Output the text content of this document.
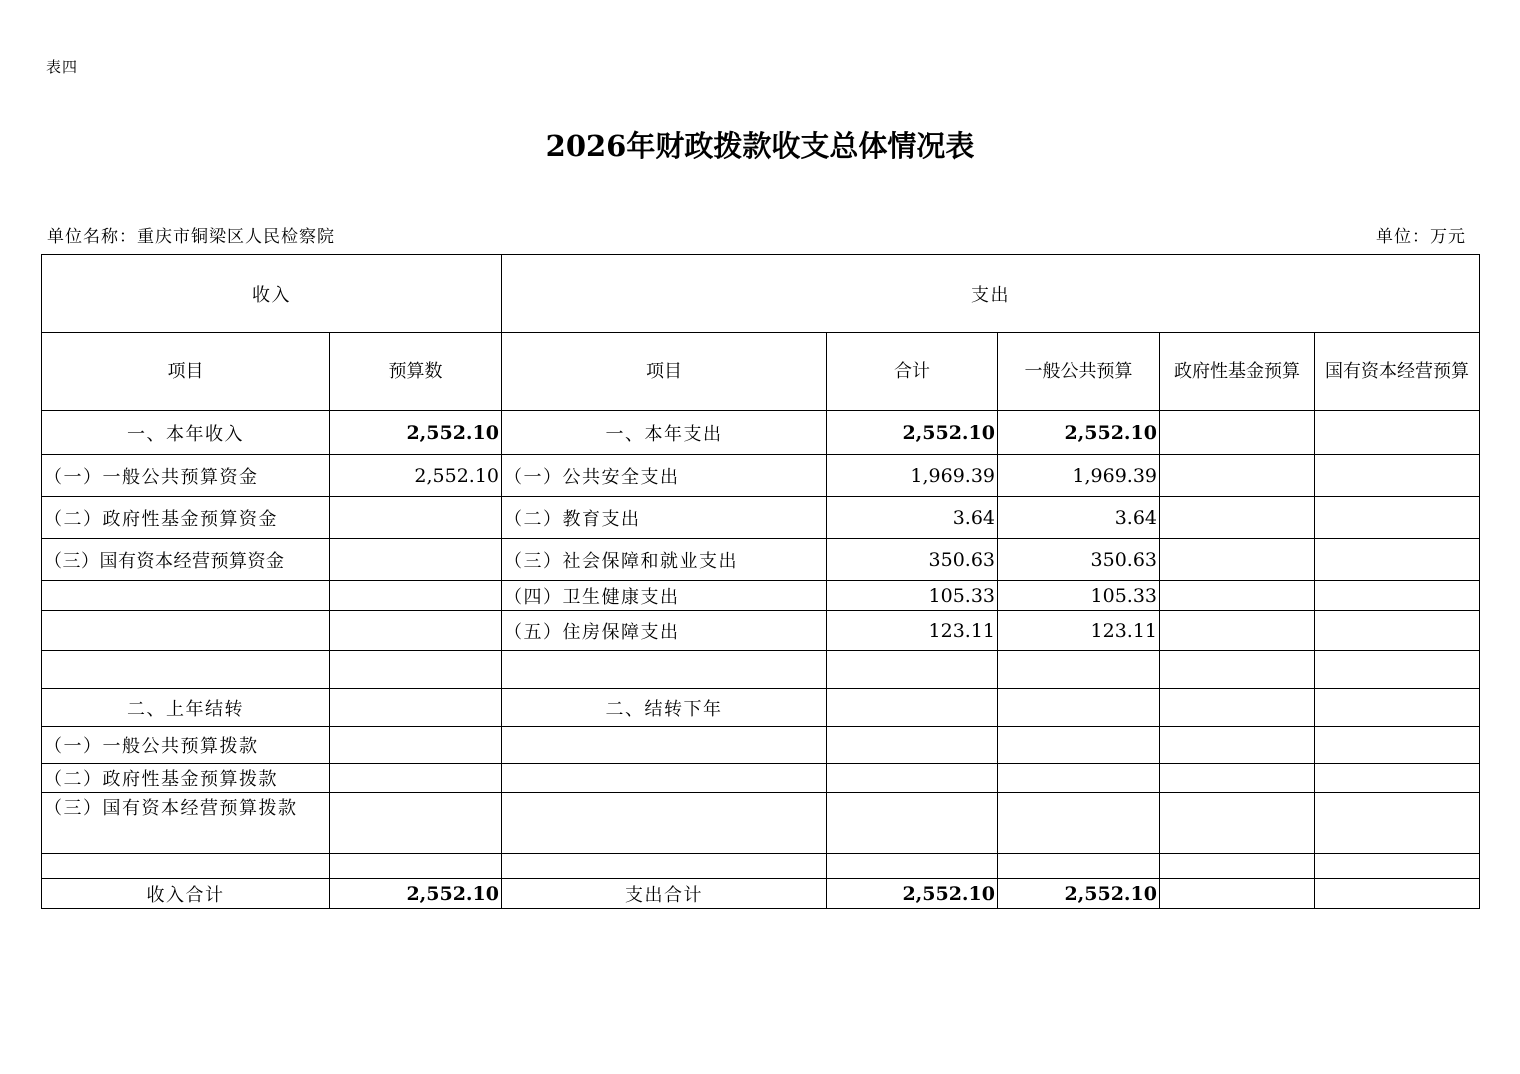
表四
2026年财政拨款收支总体情况表
单位名称：重庆市铜梁区人民检察院	单位：万元
收入		支出				
项目	预算数	项目	合计	一般公共预算	政府性基金预算	国有资本经营预算
一、本年收入	2,552.10	一、本年支出	2,552.10	2,552.10		
（一）一般公共预算资金	2,552.10	（一）公共安全支出	1,969.39	1,969.39		
（二）政府性基金预算资金		（二）教育支出	3.64	3.64		
（三）国有资本经营预算资金		（三）社会保障和就业支出	350.63	350.63		
		（四）卫生健康支出	105.33	105.33		
		（五）住房保障支出	123.11	123.11		

二、上年结转		二、结转下年				
（一）一般公共预算拨款						
（二）政府性基金预算拨款						
（三）国有资本经营预算拨款						

收入合计	2,552.10	支出合计	2,552.10	2,552.10		
